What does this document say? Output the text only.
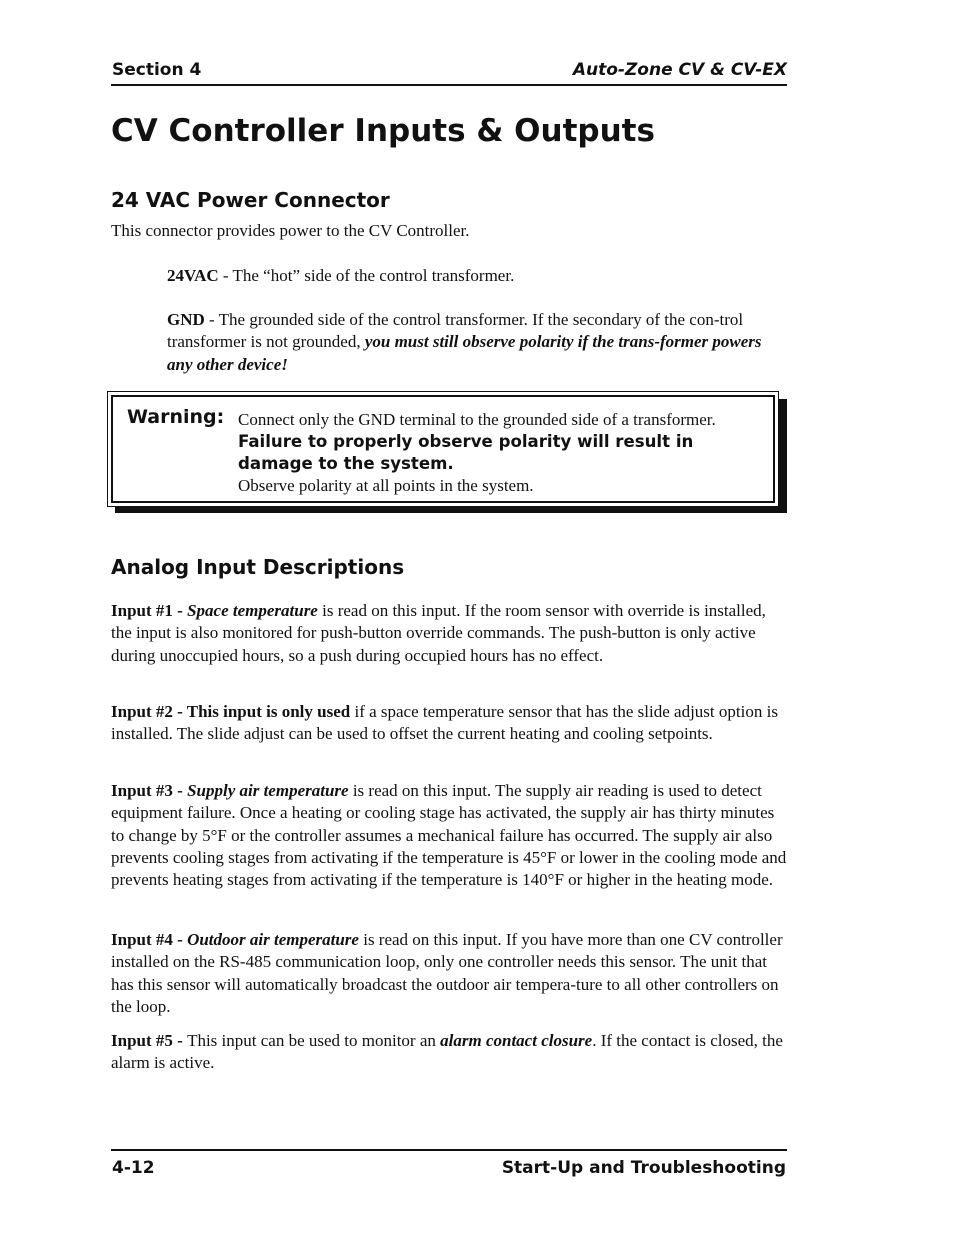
Section 4	Auto-Zone CV & CV-EX
CV Controller Inputs & Outputs
24 VAC Power Connector

This connector provides power to the CV Controller.

24VAC - The “hot” side of the control transformer.

GND - The grounded side of the control transformer. If the secondary of the con-trol transformer is not grounded, you must still observe polarity if the trans-former powers any other device!

Warning: Connect only the GND terminal to the grounded side of a transformer.
Failure to properly observe polarity will result in damage to the system.
Observe polarity at all points in the system.
Analog Input Descriptions

Input #1 - Space temperature is read on this input. If the room sensor with override is installed, the input is also monitored for push-button override commands. The push-button is only active during unoccupied hours, so a push during occupied hours has no effect.

Input #2 - This input is only used if a space temperature sensor that has the slide adjust option is installed. The slide adjust can be used to offset the current heating and cooling setpoints.

Input #3 - Supply air temperature is read on this input. The supply air reading is used to detect equipment failure. Once a heating or cooling stage has activated, the supply air has thirty minutes to change by 5°F or the controller assumes a mechanical failure has occurred. The supply air also prevents cooling stages from activating if the temperature is 45°F or lower in the cooling mode and prevents heating stages from activating if the temperature is 140°F or higher in the heating mode.

Input #4 - Outdoor air temperature is read on this input. If you have more than one CV controller installed on the RS-485 communication loop, only one controller needs this sensor. The unit that has this sensor will automatically broadcast the outdoor air tempera-ture to all other controllers on the loop.

Input #5 - This input can be used to monitor an alarm contact closure. If the contact is closed, the alarm is active.

4-12	Start-Up and Troubleshooting
